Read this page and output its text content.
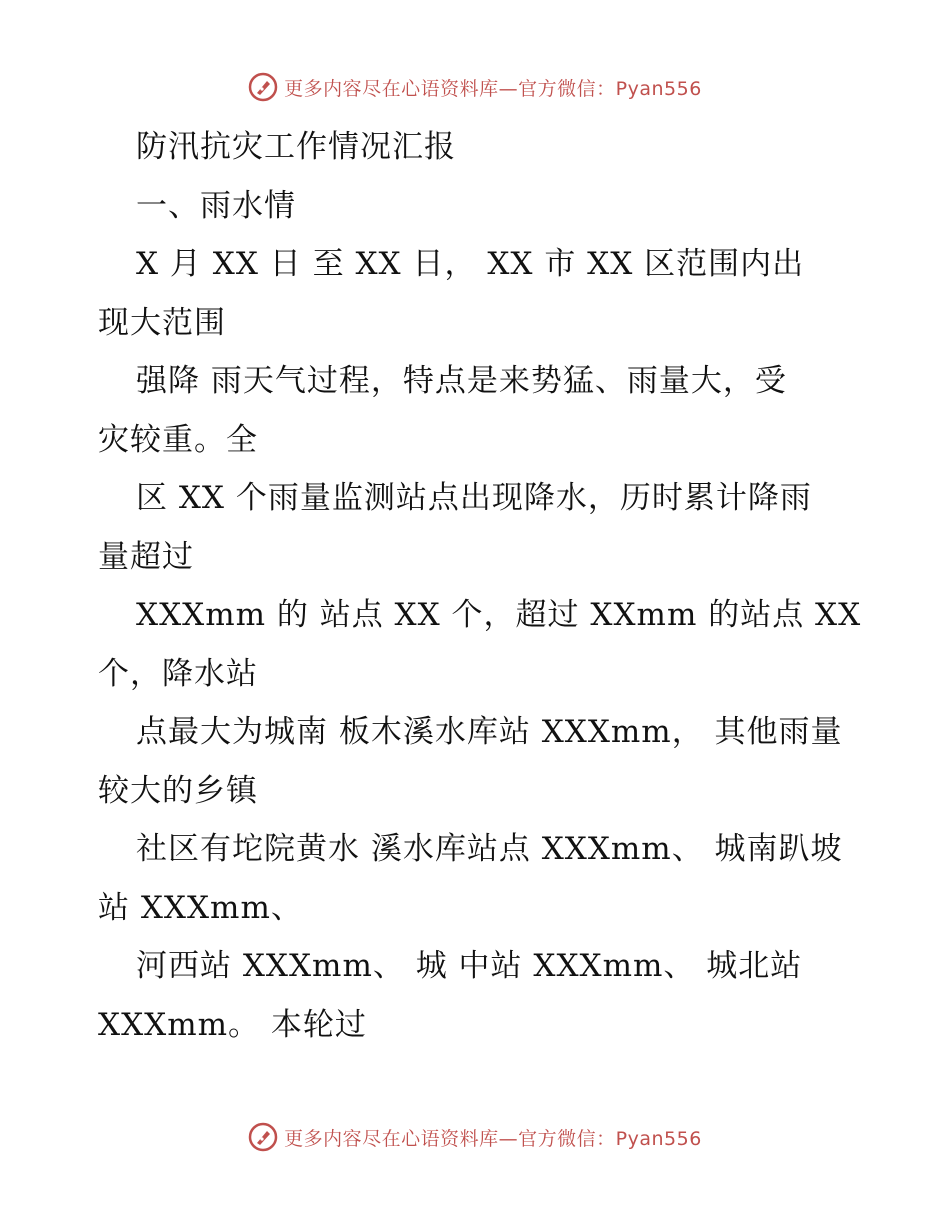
更多内容尽在心语资料库—官方微信：Pyan556
防汛抗灾工作情况汇报
一、雨水情
X 月 XX 日 至 XX 日， XX 市 XX 区范围内出
现大范围
强降 雨天气过程，特点是来势猛、雨量大，受
灾较重。全
区 XX 个雨量监测站点出现降水，历时累计降雨
量超过
XXXmm 的 站点 XX 个，超过 XXmm 的站点 XX
个，降水站
点最大为城南 板木溪水库站 XXXmm， 其他雨量
较大的乡镇
社区有坨院黄水 溪水库站点 XXXmm、 城南趴坡
站 XXXmm、
河西站 XXXmm、 城 中站 XXXmm、 城北站
XXXmm。 本轮过
更多内容尽在心语资料库—官方微信：Pyan556
